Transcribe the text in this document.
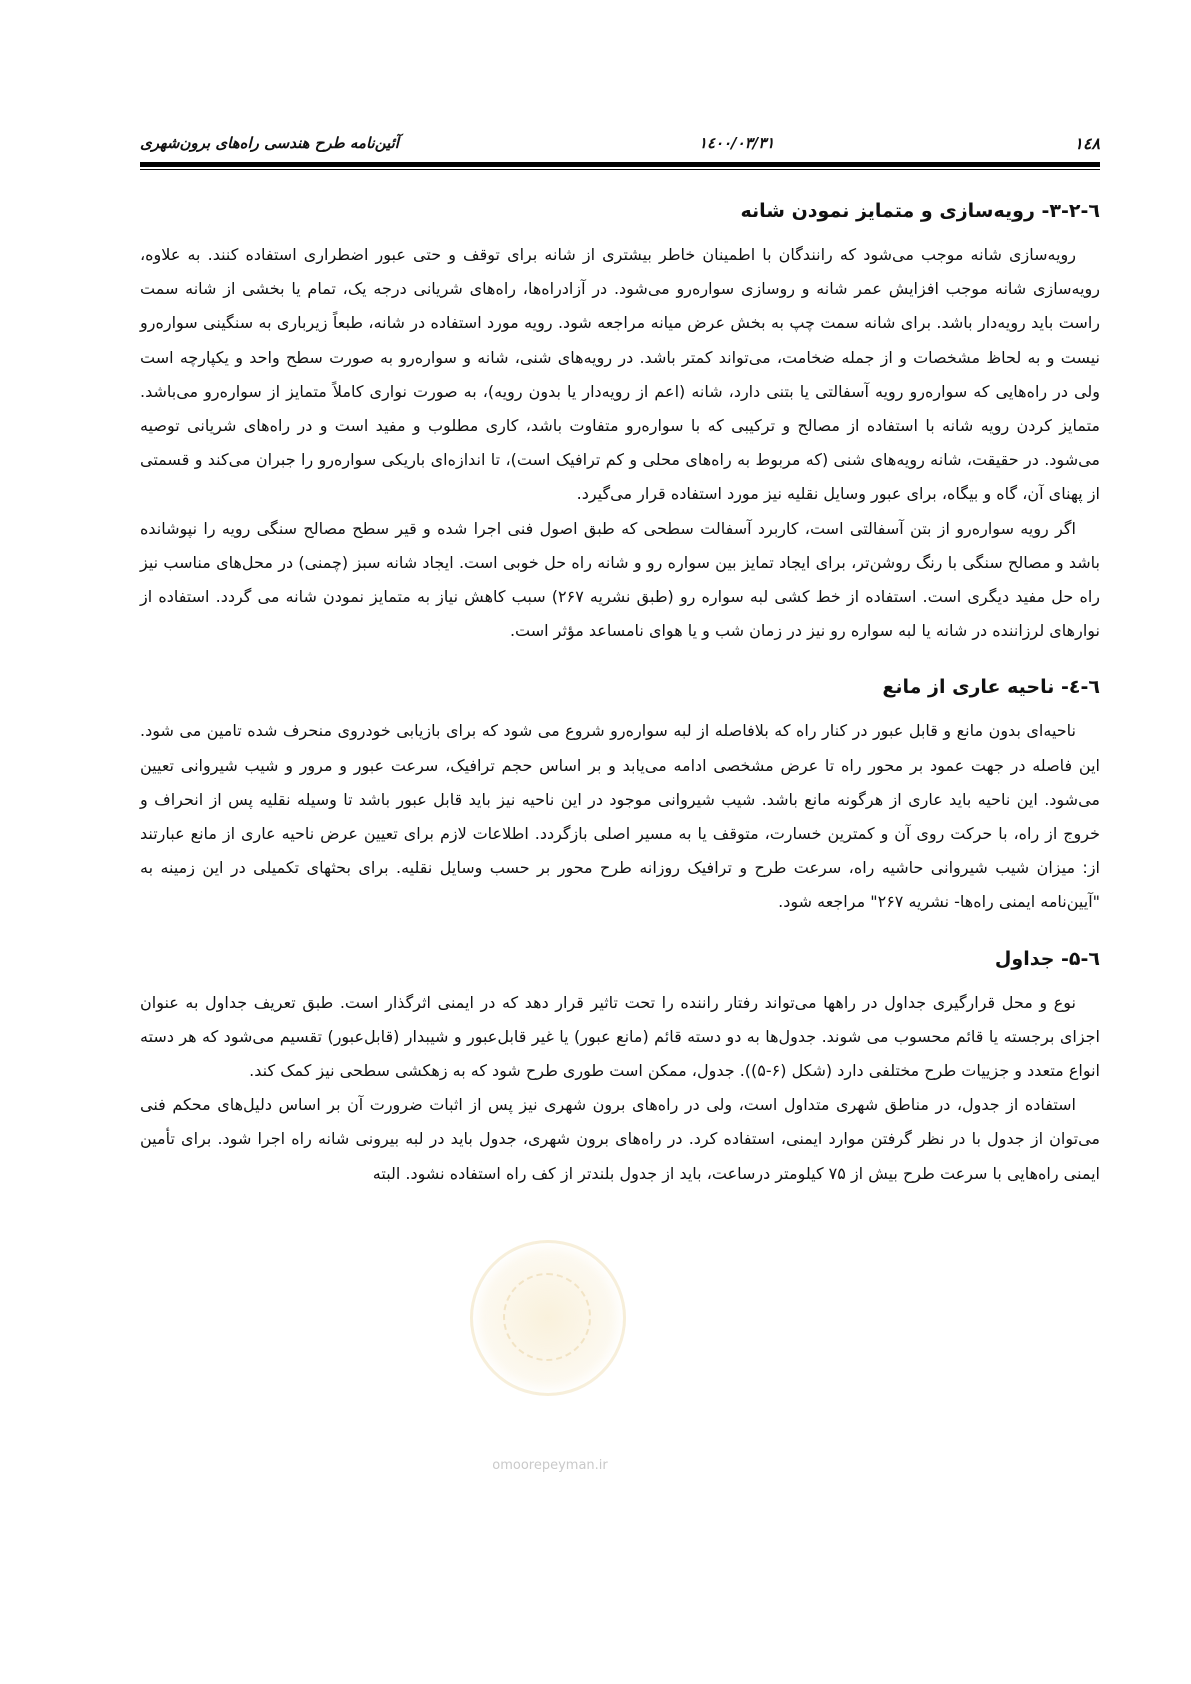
۱٤۸
۱٤۰۰/۰۳/۳۱
آئین‌نامه طرح هندسی راه‌های برون‌شهری
٦-۳-۲- رویه‌سازی و متمایز نمودن شانه

رویه‌سازی شانه موجب می‌شود که رانندگان با اطمینان خاطر بیشتری از شانه برای توقف و حتی عبور اضطراری استفاده کنند. به علاوه، رویه‌سازی شانه موجب افزایش عمر شانه و روسازی سواره‌رو می‌شود. در آزادراه‌ها، راه‌های شریانی درجه یک، تمام یا بخشی از شانه سمت راست باید رویه‌دار باشد. برای شانه سمت چپ به بخش عرض میانه مراجعه شود. رویه مورد استفاده در شانه، طبعاً زیرباری به سنگینی سواره‌رو نیست و به لحاظ مشخصات و از جمله ضخامت، می‌تواند کمتر باشد. در رویه‌های شنی، شانه و سواره‌رو به صورت سطح واحد و یکپارچه است ولی در راه‌هایی که سواره‌رو رویه آسفالتی یا بتنی دارد، شانه (اعم از رویه‌دار یا بدون رویه)، به صورت نواری کاملاً متمایز از سواره‌رو می‌باشد. متمایز کردن رویه شانه با استفاده از مصالح و ترکیبی که با سواره‌رو متفاوت باشد، کاری مطلوب و مفید است و در راه‌های شریانی توصیه می‌شود. در حقیقت، شانه رویه‌های شنی (که مربوط به راه‌های محلی و کم ترافیک است)، تا اندازه‌ای باریکی سواره‌رو را جبران می‌کند و قسمتی از پهنای آن، گاه و بیگاه، برای عبور وسایل نقلیه نیز مورد استفاده قرار می‌گیرد.

اگر رویه سواره‌رو از بتن آسفالتی است، کاربرد آسفالت سطحی که طبق اصول فنی اجرا شده و قیر سطح مصالح سنگی رویه را نپوشانده باشد و مصالح سنگی با رنگ روشن‌تر، برای ایجاد تمایز بین سواره رو و شانه راه حل خوبی است. ایجاد شانه سبز (چمنی) در محل‌های مناسب نیز راه حل مفید دیگری است. استفاده از خط کشی لبه سواره رو (طبق نشریه ۲۶۷) سبب کاهش نیاز به متمایز نمودن شانه می گردد. استفاده از نوارهای لرزاننده در شانه یا لبه سواره رو نیز در زمان شب و یا هوای نامساعد مؤثر است.

٦-٤- ناحیه عاری از مانع

ناحیه‌ای بدون مانع و قابل عبور در کنار راه که بلافاصله از لبه سواره‌رو شروع می شود که برای بازیابی خودروی منحرف شده تامین می شود. این فاصله در جهت عمود بر محور راه تا عرض مشخصی ادامه می‌یابد و بر اساس حجم ترافیک، سرعت عبور و مرور و شیب شیروانی تعیین می‌شود. این ناحیه باید عاری از هرگونه مانع باشد. شیب شیروانی موجود در این ناحیه نیز باید قابل عبور باشد تا وسیله نقلیه پس از انحراف و خروج از راه، با حرکت روی آن و کمترین خسارت، متوقف یا به مسیر اصلی بازگردد. اطلاعات لازم برای تعیین عرض ناحیه عاری از مانع عبارتند از: میزان شیب شیروانی حاشیه راه، سرعت طرح و ترافیک روزانه طرح محور بر حسب وسایل نقلیه. برای بحثهای تکمیلی در این زمینه به "آیین‌نامه ایمنی راه‌ها- نشریه ۲۶۷" مراجعه شود.

٦-۵- جداول

نوع و محل قرارگیری جداول در راهها می‌تواند رفتار راننده را تحت تاثیر قرار دهد که در ایمنی اثرگذار است. طبق تعریف جداول به عنوان اجزای برجسته یا قائم محسوب می شوند. جدول‌ها به دو دسته قائم (مانع عبور) یا غیر قابل‌عبور و شیبدار (قابل‌عبور) تقسیم می‌شود که هر دسته انواع متعدد و جزییات طرح مختلفی دارد (شکل (۶-۵)). جدول، ممکن است طوری طرح شود که به زهکشی سطحی نیز کمک کند.

استفاده از جدول، در مناطق شهری متداول است، ولی در راه‌های برون شهری نیز پس از اثبات ضرورت آن بر اساس دلیل‌های محکم فنی می‌توان از جدول با در نظر گرفتن موارد ایمنی، استفاده کرد. در راه‌های برون شهری، جدول باید در لبه بیرونی شانه راه اجرا شود. برای تأمین ایمنی راه‌هایی با سرعت طرح بیش از ۷۵ کیلومتر درساعت، باید از جدول بلندتر از کف راه استفاده نشود. البته

omoorepeyman.ir
